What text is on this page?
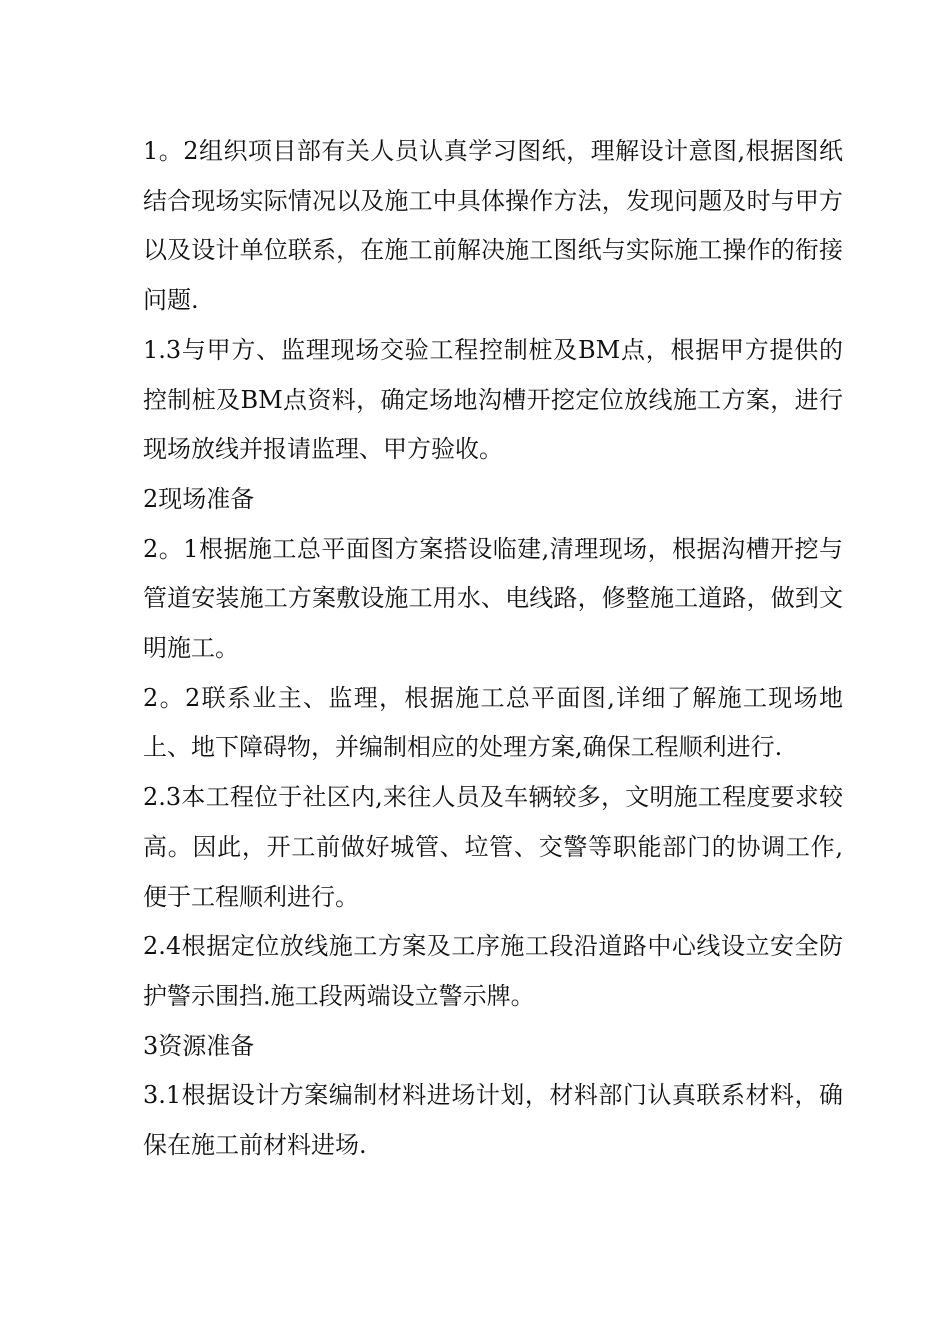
1。2组织项目部有关人员认真学习图纸，理解设计意图,根据图纸结合现场实际情况以及施工中具体操作方法，发现问题及时与甲方以及设计单位联系，在施工前解决施工图纸与实际施工操作的衔接问题.

1.3与甲方、监理现场交验工程控制桩及BM点，根据甲方提供的控制桩及BM点资料，确定场地沟槽开挖定位放线施工方案，进行现场放线并报请监理、甲方验收。

2现场准备

2。1根据施工总平面图方案搭设临建,清理现场，根据沟槽开挖与管道安装施工方案敷设施工用水、电线路，修整施工道路，做到文明施工。

2。2联系业主、监理，根据施工总平面图,详细了解施工现场地上、地下障碍物，并编制相应的处理方案,确保工程顺利进行.

2.3本工程位于社区内,来往人员及车辆较多，文明施工程度要求较高。因此，开工前做好城管、垃管、交警等职能部门的协调工作,便于工程顺利进行。

2.4根据定位放线施工方案及工序施工段沿道路中心线设立安全防护警示围挡.施工段两端设立警示牌。

3资源准备

3.1根据设计方案编制材料进场计划，材料部门认真联系材料，确保在施工前材料进场.
